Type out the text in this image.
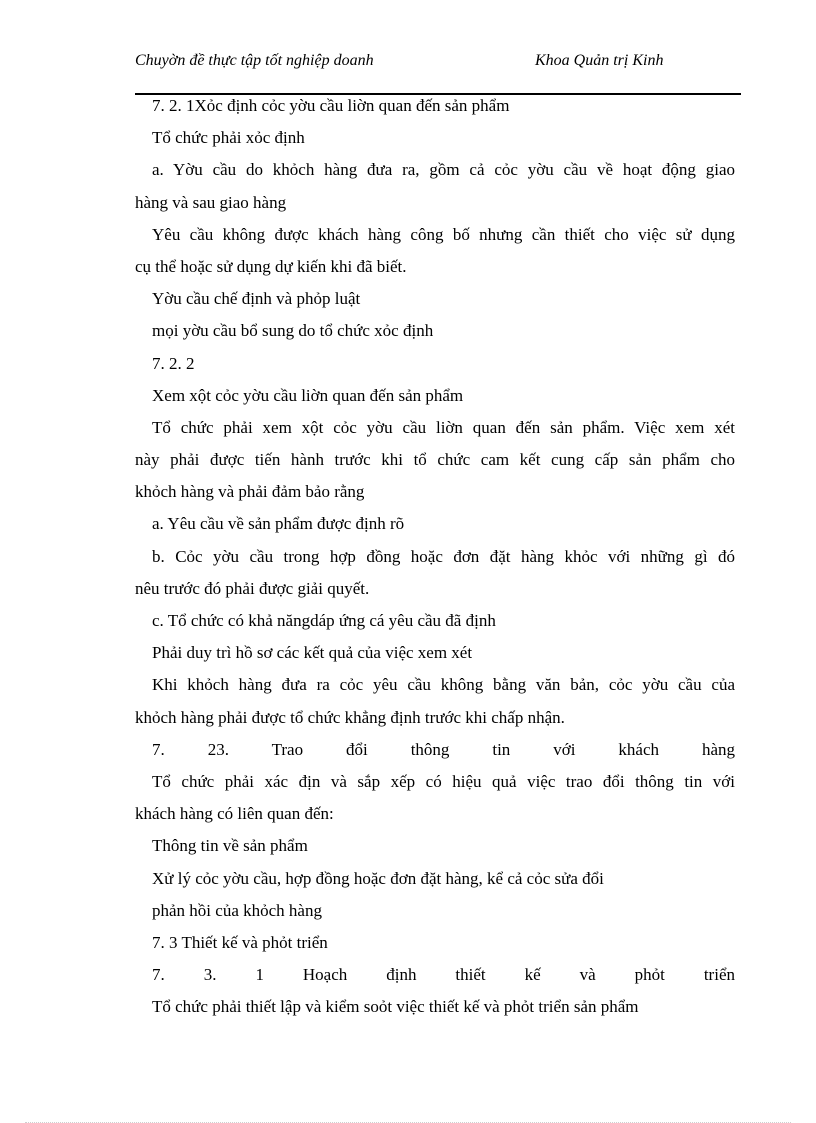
Chuyờn đề thực tập tốt nghiệp doanh	Khoa Quản trị Kinh
7. 2. 1Xỏc định cỏc yờu cầu liờn quan đến sản phẩm
Tổ chức phải xỏc định
a. Yờu cầu do khỏch hàng đưa ra, gồm cả cỏc yờu cầu về hoạt động giao
hàng và sau giao hàng
Yêu cầu không được khách hàng công bố nhưng cần thiết cho việc sử dụng
cụ thể hoặc sử dụng dự kiến khi đã biết.
Yờu cầu chế định và phỏp luật
mọi yờu cầu bổ sung do tổ chức xỏc định
7. 2. 2
Xem xột cỏc yờu cầu liờn quan đến sản phẩm
Tổ chức phải xem xột cỏc yờu cầu liờn quan đến sản phẩm. Việc xem xét
này phải được tiến hành trước khi tổ chức cam kết cung cấp sản phẩm cho
khỏch hàng và phải đảm bảo rằng
a. Yêu cầu về sản phẩm được định rõ
b. Cỏc yờu cầu trong hợp đồng hoặc đơn đặt hàng khỏc với những gì đó
nêu trước đó phải được giải quyết.
c. Tổ chức có khả năngdáp ứng cá yêu cầu đã định
Phải duy trì hồ sơ các kết quả của việc xem xét
Khi khỏch hàng đưa ra cỏc yêu cầu không bằng văn bản, cỏc yờu cầu của
khỏch hàng phải được tổ chức khẳng định trước khi chấp nhận.
7. 23. Trao đổi thông tin với khách hàng
Tổ chức phải xác địn và sắp xếp có hiệu quả việc trao đổi thông tin với
khách hàng có liên quan đến:
Thông tin về sản phẩm
Xử lý cỏc yờu cầu, hợp đồng hoặc đơn đặt hàng, kể cả cỏc sửa đổi
phản hồi của khỏch hàng
7. 3 Thiết kế và phỏt triển
7. 3. 1 Hoạch định thiết kế và phỏt triển
Tổ chức phải thiết lập và kiểm soỏt việc thiết kế và phỏt triển sản phẩm
